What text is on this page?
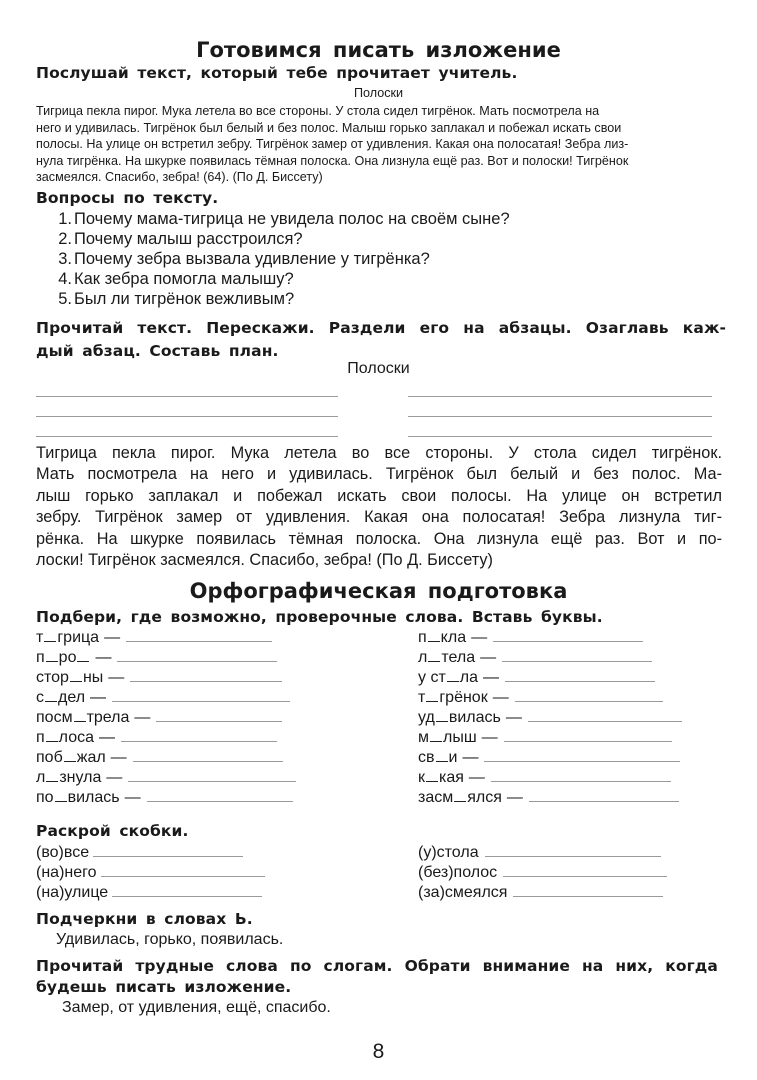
Готовимся писать изложение
Послушай текст, который тебе прочитает учитель.
Полоски
Тигрица пекла пирог. Мука летела во все стороны. У стола сидел тигрёнок. Мать посмотрела на
него и удивилась. Тигрёнок был белый и без полос. Малыш горько заплакал и побежал искать свои
полосы. На улице он встретил зебру. Тигрёнок замер от удивления. Какая она полосатая! Зебра лиз-
нула тигрёнка. На шкурке появилась тёмная полоска. Она лизнула ещё раз. Вот и полоски! Тигрёнок
засмеялся. Спасибо, зебра! (64). (По Д. Биссету)
Вопросы по тексту.
1. Почему мама-тигрица не увидела полос на своём сыне?
2. Почему малыш расстроился?
3. Почему зебра вызвала удивление у тигрёнка?
4. Как зебра помогла малышу?
5. Был ли тигрёнок вежливым?
Прочитай текст. Перескажи. Раздели его на абзацы. Озаглавь каж-
дый абзац. Составь план.
Полоски
Тигрица пекла пирог. Мука летела во все стороны. У стола сидел тигрёнок.
Мать посмотрела на него и удивилась. Тигрёнок был белый и без полос. Ма-
лыш горько заплакал и побежал искать свои полосы. На улице он встретил
зебру. Тигрёнок замер от удивления. Какая она полосатая! Зебра лизнула тиг-
рёнка. На шкурке появилась тёмная полоска. Она лизнула ещё раз. Вот и по-
лоски! Тигрёнок засмеялся. Спасибо, зебра! (По Д. Биссету)
Орфографическая подготовка
Подбери, где возможно, проверочные слова. Вставь буквы.
т грица —
п ро —
стор ны —
с дел —
посм трела —
п лоса —
поб жал —
л знула —
по вилась —
п кла —
л тела —
у ст ла —
т грёнок —
уд вилась —
м лыш —
св и —
к кая —
засм ялся —
Раскрой скобки.
(во)все
(на)него
(на)улице
(у)стола
(без)полос
(за)смеялся
Подчеркни в словах Ь.
Удивилась, горько, появилась.
Прочитай трудные слова по слогам. Обрати внимание на них, когда
будешь писать изложение.
Замер, от удивления, ещё, спасибо.
8
